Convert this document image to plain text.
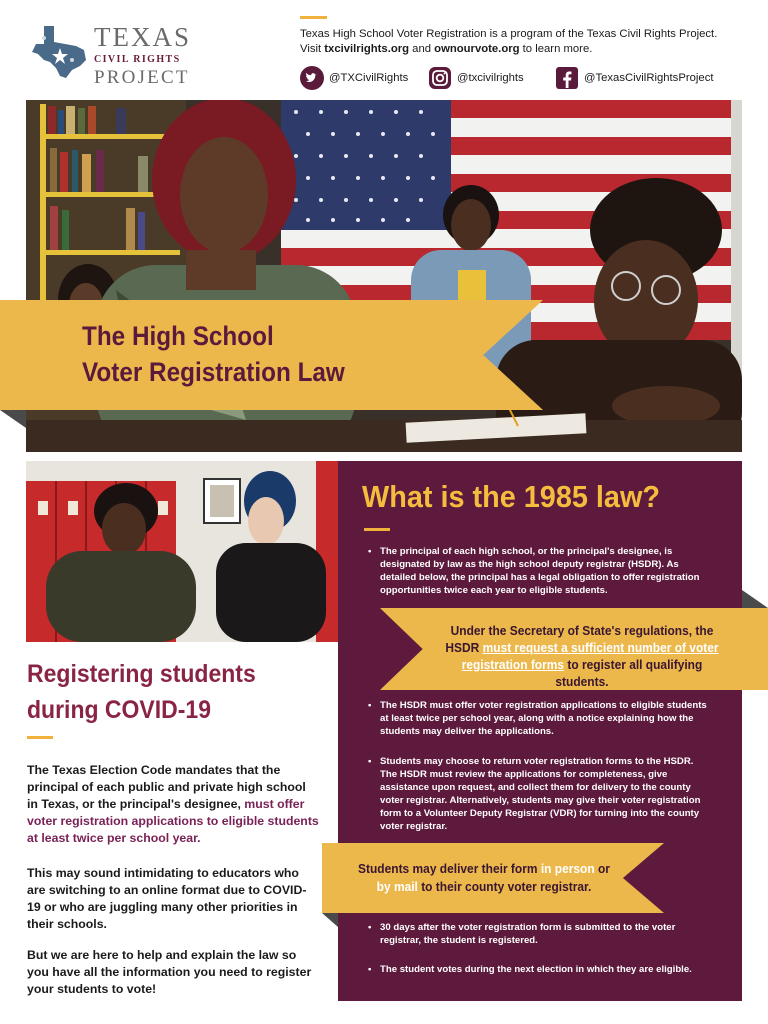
TEXAS
CIVIL RIGHTS
PROJECT
Texas High School Voter Registration is a program of the Texas Civil Rights Project.
Visit txcivilrights.org and ownourvote.org to learn more.
@TXCivilRights	@txcivilrights	@TexasCivilRightsProject
The High School
Voter Registration Law
Registering students
during COVID-19
The Texas Election Code mandates that the principal of each public and private high school in Texas, or the principal's designee, must offer voter registration applications to eligible students at least twice per school year.
This may sound intimidating to educators who are switching to an online format due to COVID-19 or who are juggling many other priorities in their schools.
But we are here to help and explain the law so you have all the information you need to register your students to vote!
What is the 1985 law?
• The principal of each high school, or the principal's designee, is designated by law as the high school deputy registrar (HSDR). As detailed below, the principal has a legal obligation to offer registration opportunities twice each year to eligible students.
Under the Secretary of State's regulations, the HSDR must request a sufficient number of voter registration forms to register all qualifying students.
• The HSDR must offer voter registration applications to eligible students at least twice per school year, along with a notice explaining how the students may deliver the applications.
• Students may choose to return voter registration forms to the HSDR. The HSDR must review the applications for completeness, give assistance upon request, and collect them for delivery to the county voter registrar. Alternatively, students may give their voter registration form to a Volunteer Deputy Registrar (VDR) for turning into the county voter registrar.
Students may deliver their form in person or by mail to their county voter registrar.
• 30 days after the voter registration form is submitted to the voter registrar, the student is registered.
• The student votes during the next election in which they are eligible.
